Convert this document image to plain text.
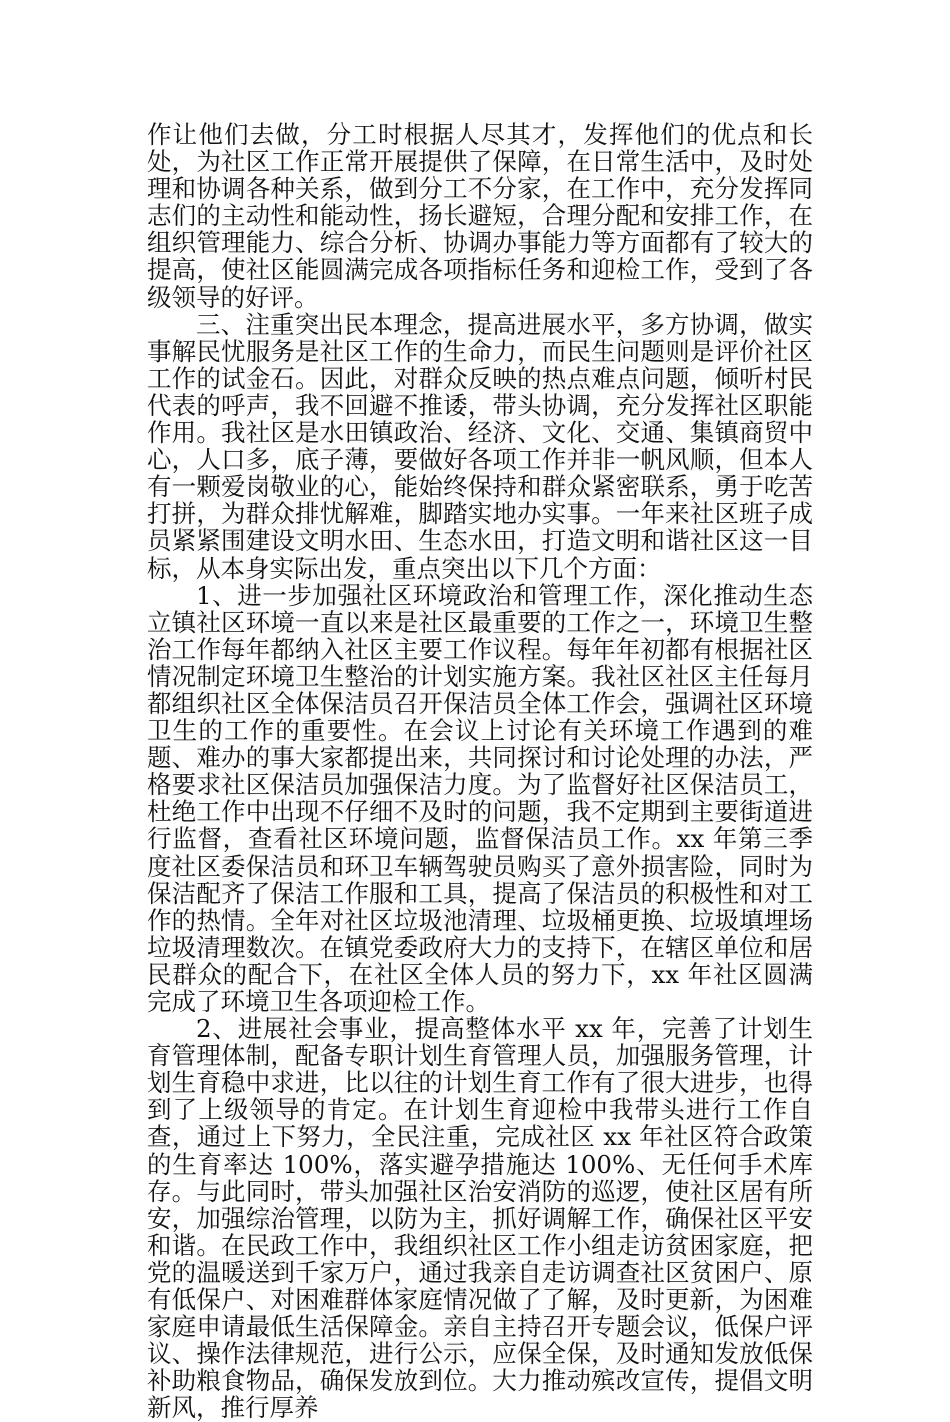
作让他们去做，分工时根据人尽其才，发挥他们的优点和长处，为社区工作正常开展提供了保障，在日常生活中，及时处理和协调各种关系，做到分工不分家，在工作中，充分发挥同志们的主动性和能动性，扬长避短，合理分配和安排工作，在组织管理能力、综合分析、协调办事能力等方面都有了较大的提高，使社区能圆满完成各项指标任务和迎检工作，受到了各级领导的好评。

三、注重突出民本理念，提高进展水平，多方协调，做实事解民忧服务是社区工作的生命力，而民生问题则是评价社区工作的试金石。因此，对群众反映的热点难点问题，倾听村民代表的呼声，我不回避不推诿，带头协调，充分发挥社区职能作用。我社区是水田镇政治、经济、文化、交通、集镇商贸中心，人口多，底子薄，要做好各项工作并非一帆风顺，但本人有一颗爱岗敬业的心，能始终保持和群众紧密联系，勇于吃苦打拼，为群众排忧解难，脚踏实地办实事。一年来社区班子成员紧紧围建设文明水田、生态水田，打造文明和谐社区这一目标，从本身实际出发，重点突出以下几个方面：

1、进一步加强社区环境政治和管理工作，深化推动生态立镇社区环境一直以来是社区最重要的工作之一，环境卫生整治工作每年都纳入社区主要工作议程。每年年初都有根据社区情况制定环境卫生整治的计划实施方案。我社区社区主任每月都组织社区全体保洁员召开保洁员全体工作会，强调社区环境卫生的工作的重要性。在会议上讨论有关环境工作遇到的难题、难办的事大家都提出来，共同探讨和讨论处理的办法，严格要求社区保洁员加强保洁力度。为了监督好社区保洁员工，杜绝工作中出现不仔细不及时的问题，我不定期到主要街道进行监督，查看社区环境问题，监督保洁员工作。xx 年第三季度社区委保洁员和环卫车辆驾驶员购买了意外损害险，同时为保洁配齐了保洁工作服和工具，提高了保洁员的积极性和对工作的热情。全年对社区垃圾池清理、垃圾桶更换、垃圾填埋场垃圾清理数次。在镇党委政府大力的支持下，在辖区单位和居民群众的配合下，在社区全体人员的努力下，xx 年社区圆满完成了环境卫生各项迎检工作。

2、进展社会事业，提高整体水平 xx 年，完善了计划生育管理体制，配备专职计划生育管理人员，加强服务管理，计划生育稳中求进，比以往的计划生育工作有了很大进步，也得到了上级领导的肯定。在计划生育迎检中我带头进行工作自查，通过上下努力，全民注重，完成社区 xx 年社区符合政策的生育率达 100%，落实避孕措施达 100%、无任何手术库存。与此同时，带头加强社区治安消防的巡逻，使社区居有所安，加强综治管理，以防为主，抓好调解工作，确保社区平安和谐。在民政工作中，我组织社区工作小组走访贫困家庭，把党的温暖送到千家万户，通过我亲自走访调查社区贫困户、原有低保户、对困难群体家庭情况做了了解，及时更新，为困难家庭申请最低生活保障金。亲自主持召开专题会议，低保户评议、操作法律规范，进行公示，应保全保，及时通知发放低保补助粮食物品，确保发放到位。大力推动殡改宣传，提倡文明新风，推行厚养
